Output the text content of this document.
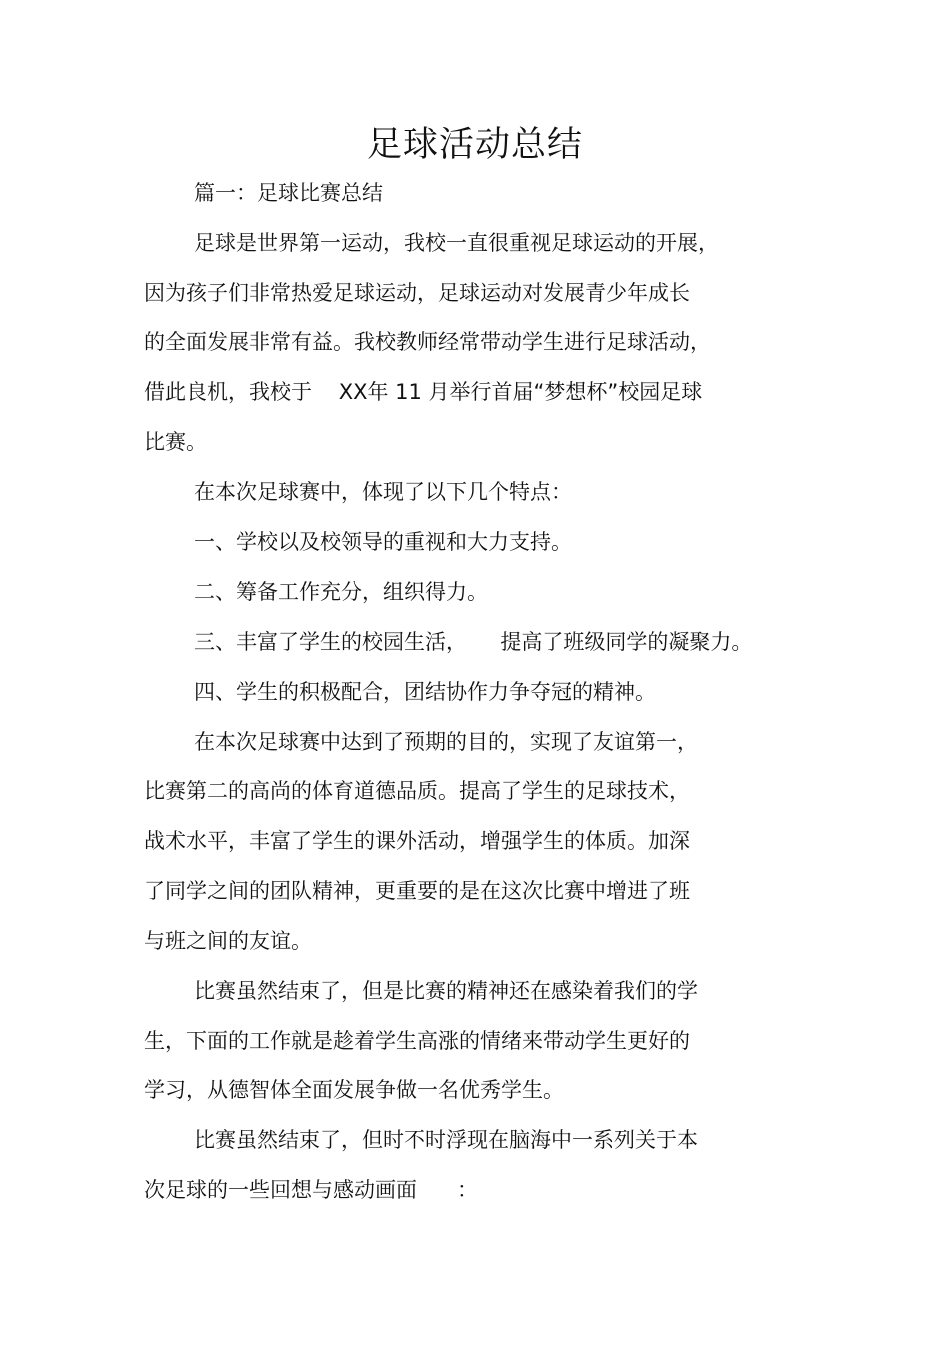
足球活动总结
篇一：足球比赛总结
足球是世界第一运动，我校一直很重视足球运动的开展，
因为孩子们非常热爱足球运动，足球运动对发展青少年成长
的全面发展非常有益。我校教师经常带动学生进行足球活动，
借此良机，我校于    XX年 11 月举行首届“梦想杯”校园足球
比赛。
在本次足球赛中，体现了以下几个特点：
一、学校以及校领导的重视和大力支持。
二、筹备工作充分，组织得力。
三、丰富了学生的校园生活，     提高了班级同学的凝聚力。
四、学生的积极配合，团结协作力争夺冠的精神。
在本次足球赛中达到了预期的目的，实现了友谊第一，
比赛第二的高尚的体育道德品质。提高了学生的足球技术，
战术水平，丰富了学生的课外活动，增强学生的体质。加深
了同学之间的团队精神，更重要的是在这次比赛中增进了班
与班之间的友谊。
比赛虽然结束了，但是比赛的精神还在感染着我们的学
生，下面的工作就是趁着学生高涨的情绪来带动学生更好的
学习，从德智体全面发展争做一名优秀学生。
比赛虽然结束了，但时不时浮现在脑海中一系列关于本
次足球的一些回想与感动画面      ：
